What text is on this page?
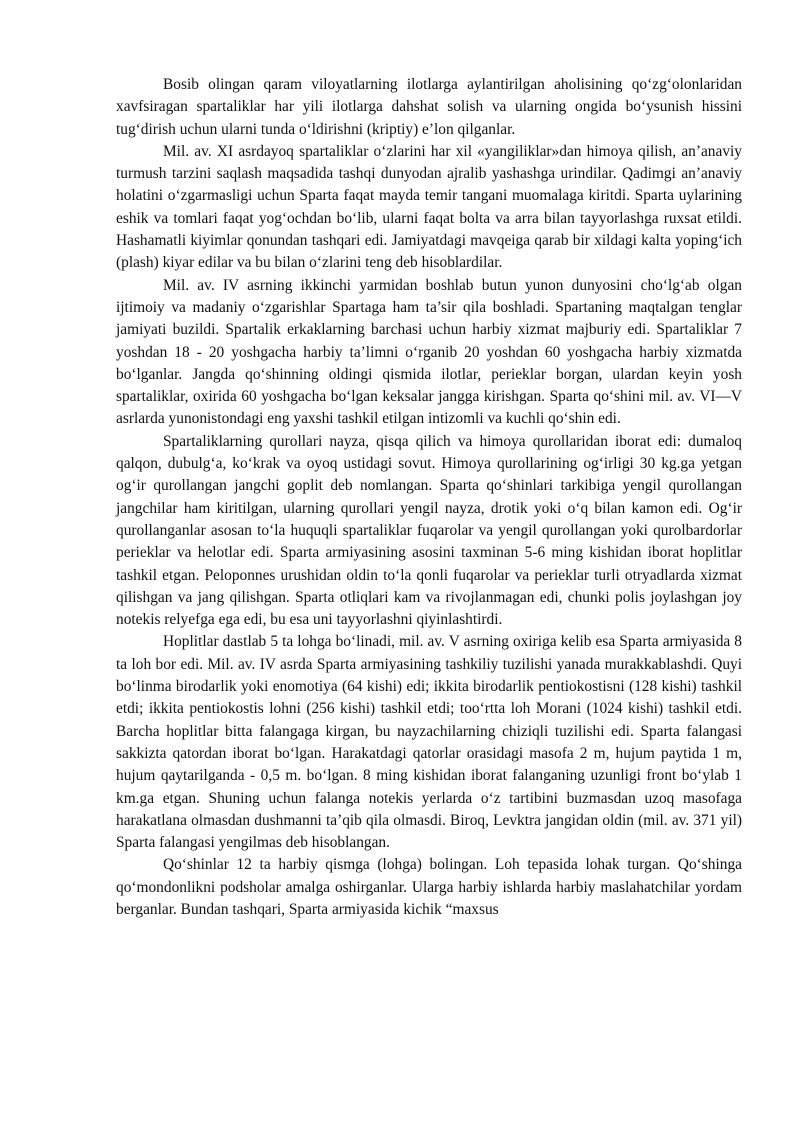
Bosib olingan qaram viloyatlarning ilotlarga aylantirilgan aholisining qo‘zg‘olonlaridan xavfsiragan spartaliklar har yili ilotlarga dahshat solish va ularning ongida bo‘ysunish hissini tug‘dirish uchun ularni tunda o‘ldirishni (kriptiy) e’lon qilganlar.

Mil. av. XI asrdayoq spartaliklar o‘zlarini har xil «yangiliklar»dan himoya qilish, an’anaviy turmush tarzini saqlash maqsadida tashqi dunyodan ajralib yashashga urindilar. Qadimgi an’anaviy holatini o‘zgarmasligi uchun Sparta faqat mayda temir tangani muomalaga kiritdi. Sparta uylarining eshik va tomlari faqat yog‘ochdan bo‘lib, ularni faqat bolta va arra bilan tayyorlashga ruxsat etildi. Hashamatli kiyimlar qonundan tashqari edi. Jamiyatdagi mavqeiga qarab bir xildagi kalta yoping‘ich (plash) kiyar edilar va bu bilan o‘zlarini teng deb hisoblardilar.

Mil. av. IV asrning ikkinchi yarmidan boshlab butun yunon dunyosini cho‘lg‘ab olgan ijtimoiy va madaniy o‘zgarishlar Spartaga ham ta’sir qila boshladi. Spartaning maqtalgan tenglar jamiyati buzildi. Spartalik erkaklarning barchasi uchun harbiy xizmat majburiy edi. Spartaliklar 7 yoshdan 18 - 20 yoshgacha harbiy ta’limni o‘rganib 20 yoshdan 60 yoshgacha harbiy xizmatda bo‘lganlar. Jangda qo‘shinning oldingi qismida ilotlar, perieklar borgan, ulardan keyin yosh spartaliklar, oxirida 60 yoshgacha bo‘lgan keksalar jangga kirishgan. Sparta qo‘shini mil. av. VI—V asrlarda yunonistondagi eng yaxshi tashkil etilgan intizomli va kuchli qo‘shin edi.

Spartaliklarning qurollari nayza, qisqa qilich va himoya qurollaridan iborat edi: dumaloq qalqon, dubulg‘a, ko‘krak va oyoq ustidagi sovut. Himoya qurollarining og‘irligi 30 kg.ga yetgan og‘ir qurollangan jangchi goplit deb nomlangan. Sparta qo‘shinlari tarkibiga yengil qurollangan jangchilar ham kiritilgan, ularning qurollari yengil nayza, drotik yoki o‘q bilan kamon edi. Og‘ir qurollanganlar asosan to‘la huquqli spartaliklar fuqarolar va yengil qurollangan yoki qurolbardorlar perieklar va helotlar edi. Sparta armiyasining asosini taxminan 5-6 ming kishidan iborat hoplitlar tashkil etgan. Peloponnes urushidan oldin to‘la qonli fuqarolar va perieklar turli otryadlarda xizmat qilishgan va jang qilishgan. Sparta otliqlari kam va rivojlanmagan edi, chunki polis joylashgan joy notekis relyefga ega edi, bu esa uni tayyorlashni qiyinlashtirdi.

Hoplitlar dastlab 5 ta lohga bo‘linadi, mil. av. V asrning oxiriga kelib esa Sparta armiyasida 8 ta loh bor edi. Mil. av. IV asrda Sparta armiyasining tashkiliy tuzilishi yanada murakkablashdi. Quyi bo‘linma birodarlik yoki enomotiya (64 kishi) edi; ikkita birodarlik pentiokostisni (128 kishi) tashkil etdi; ikkita pentiokostis lohni (256 kishi) tashkil etdi; too‘rtta loh Morani (1024 kishi) tashkil etdi. Barcha hoplitlar bitta falangaga kirgan, bu nayzachilarning chiziqli tuzilishi edi. Sparta falangasi sakkizta qatordan iborat bo‘lgan. Harakatdagi qatorlar orasidagi masofa 2 m, hujum paytida 1 m, hujum qaytarilganda - 0,5 m. bo‘lgan. 8 ming kishidan iborat falanganing uzunligi front bo‘ylab 1 km.ga etgan. Shuning uchun falanga notekis yerlarda o‘z tartibini buzmasdan uzoq masofaga harakatlana olmasdan dushmanni ta’qib qila olmasdi. Biroq, Levktra jangidan oldin (mil. av. 371 yil) Sparta falangasi yengilmas deb hisoblangan.

Qo‘shinlar 12 ta harbiy qismga (lohga) bolingan. Loh tepasida lohak turgan. Qo‘shinga qo‘mondonlikni podsholar amalga oshirganlar. Ularga harbiy ishlarda harbiy maslahatchilar yordam berganlar. Bundan tashqari, Sparta armiyasida kichik “maxsus
